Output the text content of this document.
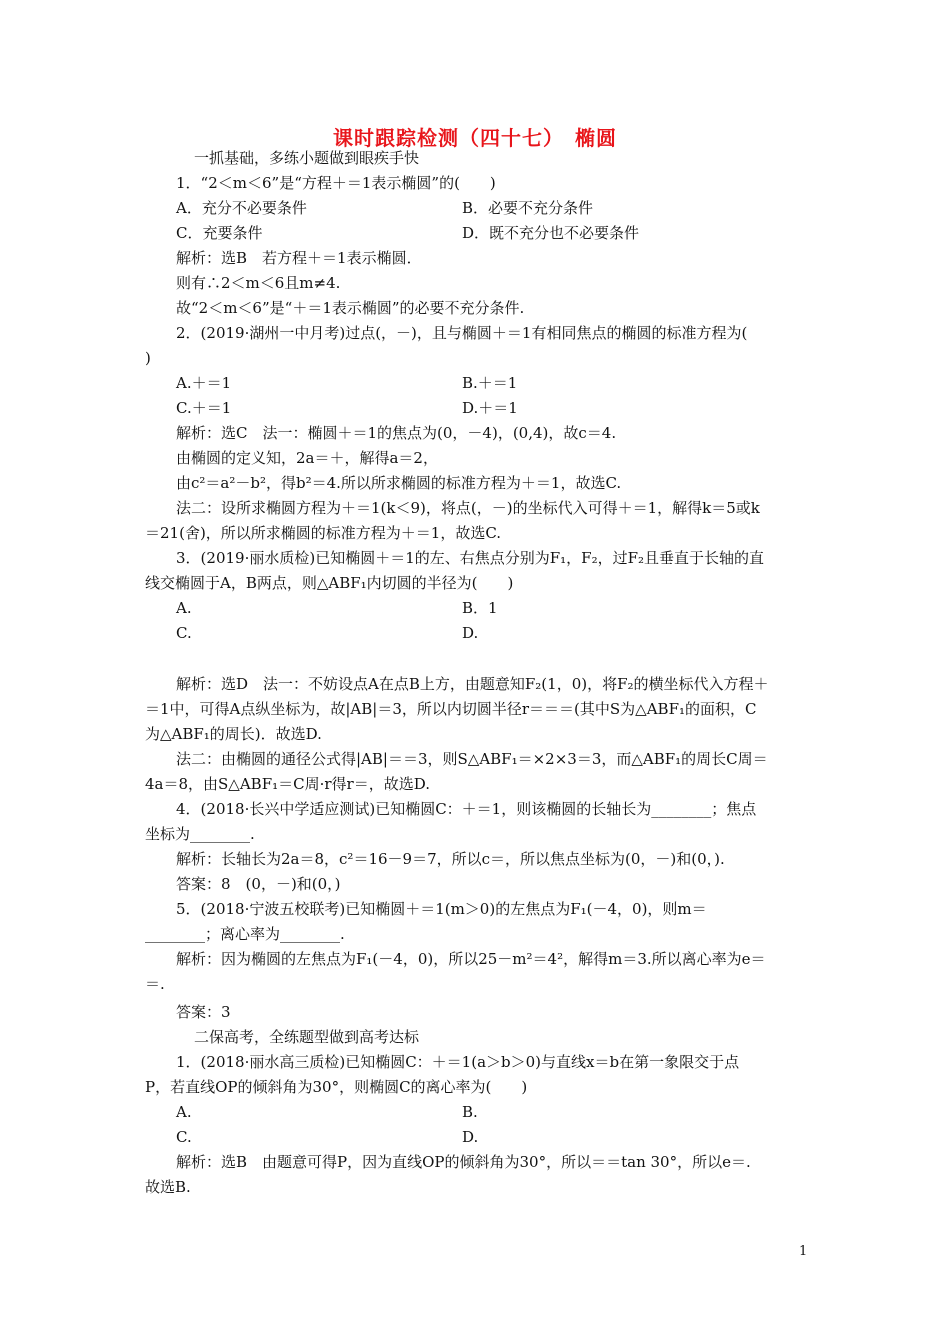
课时跟踪检测（四十七）　椭圆
一抓基础，多练小题做到眼疾手快
1．“2＜m＜6”是“方程＋＝1表示椭圆”的(　　)
A．充分不必要条件	B．必要不充分条件
C．充要条件	D．既不充分也不必要条件
解析：选B　若方程＋＝1表示椭圆．
则有∴2＜m＜6且m≠4.
故“2＜m＜6”是“＋＝1表示椭圆”的必要不充分条件.
2．(2019·湖州一中月考)过点(，－)，且与椭圆＋＝1有相同焦点的椭圆的标准方程为(
)
A.＋＝1	B.＋＝1
C.＋＝1	D.＋＝1
解析：选C　法一：椭圆＋＝1的焦点为(0，－4)，(0,4)，故c＝4.
由椭圆的定义知，2a＝＋，解得a＝2，
由c²＝a²－b²，得b²＝4.所以所求椭圆的标准方程为＋＝1，故选C.
法二：设所求椭圆方程为＋＝1(k＜9)，将点(，－)的坐标代入可得＋＝1，解得k＝5或k
＝21(舍)，所以所求椭圆的标准方程为＋＝1，故选C.
3．(2019·丽水质检)已知椭圆＋＝1的左、右焦点分别为F₁，F₂，过F₂且垂直于长轴的直
线交椭圆于A，B两点，则△ABF₁内切圆的半径为(　　)
A.	B．1
C.	D.
解析：选D　法一：不妨设点A在点B上方，由题意知F₂(1，0)，将F₂的横坐标代入方程＋
＝1中，可得A点纵坐标为，故|AB|＝3，所以内切圆半径r＝＝＝(其中S为△ABF₁的面积，C
为△ABF₁的周长)．故选D.
法二：由椭圆的通径公式得|AB|＝＝3，则S△ABF₁＝×2×3＝3，而△ABF₁的周长C周＝
4a＝8，由S△ABF₁＝C周·r得r＝，故选D.
4．(2018·长兴中学适应测试)已知椭圆C：＋＝1，则该椭圆的长轴长为________；焦点
坐标为________.
解析：长轴长为2a＝8，c²＝16－9＝7，所以c＝，所以焦点坐标为(0，－)和(0，).
答案：8　(0，－)和(0，)
5．(2018·宁波五校联考)已知椭圆＋＝1(m＞0)的左焦点为F₁(－4，0)，则m＝
________；离心率为________.
解析：因为椭圆的左焦点为F₁(－4，0)，所以25－m²＝4²，解得m＝3.所以离心率为e＝
＝.
答案：3
二保高考，全练题型做到高考达标
1．(2018·丽水高三质检)已知椭圆C：＋＝1(a＞b＞0)与直线x＝b在第一象限交于点
P，若直线OP的倾斜角为30°，则椭圆C的离心率为(　　)
A.	B.
C.	D.
解析：选B　由题意可得P，因为直线OP的倾斜角为30°，所以＝＝tan 30°，所以e＝.
故选B.
1
